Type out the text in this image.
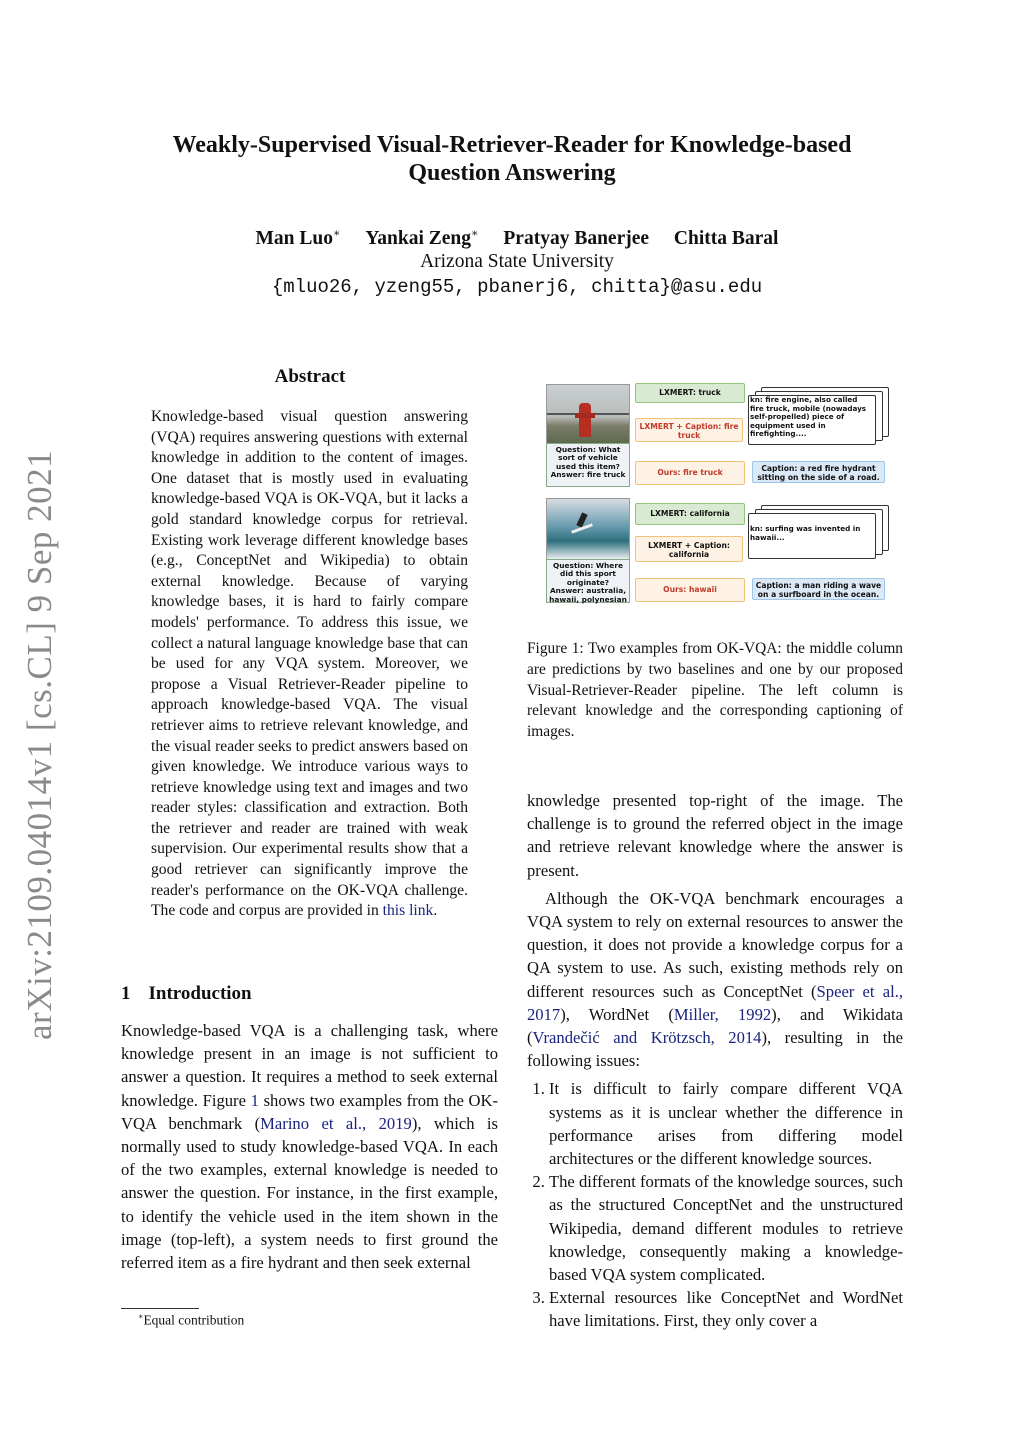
arXiv:2109.04014v1 [cs.CL] 9 Sep 2021
Weakly-Supervised Visual-Retriever-Reader for Knowledge-based
Question Answering
Man Luo∗ Yankai Zeng∗ Pratyay Banerjee Chitta Baral
Arizona State University
{mluo26, yzeng55, pbanerj6, chitta}@asu.edu
Abstract
Knowledge-based visual question answering (VQA) requires answering questions with external knowledge in addition to the content of images. One dataset that is mostly used in evaluating knowledge-based VQA is OK-VQA, but it lacks a gold standard knowledge corpus for retrieval. Existing work leverage different knowledge bases (e.g., ConceptNet and Wikipedia) to obtain external knowledge. Because of varying knowledge bases, it is hard to fairly compare models' performance. To address this issue, we collect a natural language knowledge base that can be used for any VQA system. Moreover, we propose a Visual Retriever-Reader pipeline to approach knowledge-based VQA. The visual retriever aims to retrieve relevant knowledge, and the visual reader seeks to predict answers based on given knowledge. We introduce various ways to retrieve knowledge using text and images and two reader styles: classification and extraction. Both the retriever and reader are trained with weak supervision. Our experimental results show that a good retriever can significantly improve the reader's performance on the OK-VQA challenge. The code and corpus are provided in this link.
1 Introduction
Knowledge-based VQA is a challenging task, where knowledge present in an image is not sufficient to answer a question. It requires a method to seek external knowledge. Figure 1 shows two examples from the OK-VQA benchmark (Marino et al., 2019), which is normally used to study knowledge-based VQA. In each of the two examples, external knowledge is needed to answer the question. For instance, in the first example, to identify the vehicle used in the item shown in the image (top-left), a system needs to first ground the referred item as a fire hydrant and then seek external
∗Equal contribution
Question: What sort of vehicle used this item?
Answer: fire truck
LXMERT: truck
LXMERT + Caption: fire truck
Ours: fire truck
kn: fire engine, also called fire truck, mobile (nowadays self-propelled) piece of equipment used in firefighting....
Caption: a red fire hydrant sitting on the side of a road.
Question: Where did this sport originate?
Answer: australia, hawaii, polynesian
LXMERT: california
LXMERT + Caption: california
Ours: hawaii
kn: surfing was invented in hawaii...
Caption: a man riding a wave on a surfboard in the ocean.
Figure 1: Two examples from OK-VQA: the middle column are predictions by two baselines and one by our proposed Visual-Retriever-Reader pipeline. The left column is relevant knowledge and the corresponding captioning of images.

knowledge presented top-right of the image. The challenge is to ground the referred object in the image and retrieve relevant knowledge where the answer is present.

Although the OK-VQA benchmark encourages a VQA system to rely on external resources to answer the question, it does not provide a knowledge corpus for a QA system to use. As such, existing methods rely on different resources such as ConceptNet (Speer et al., 2017), WordNet (Miller, 1992), and Wikidata (Vrandečić and Krötzsch, 2014), resulting in the following issues:

1. It is difficult to fairly compare different VQA systems as it is unclear whether the difference in performance arises from differing model architectures or the different knowledge sources.
2. The different formats of the knowledge sources, such as the structured ConceptNet and the unstructured Wikipedia, demand different modules to retrieve knowledge, consequently making a knowledge-based VQA system complicated.
3. External resources like ConceptNet and WordNet have limitations. First, they only cover a
